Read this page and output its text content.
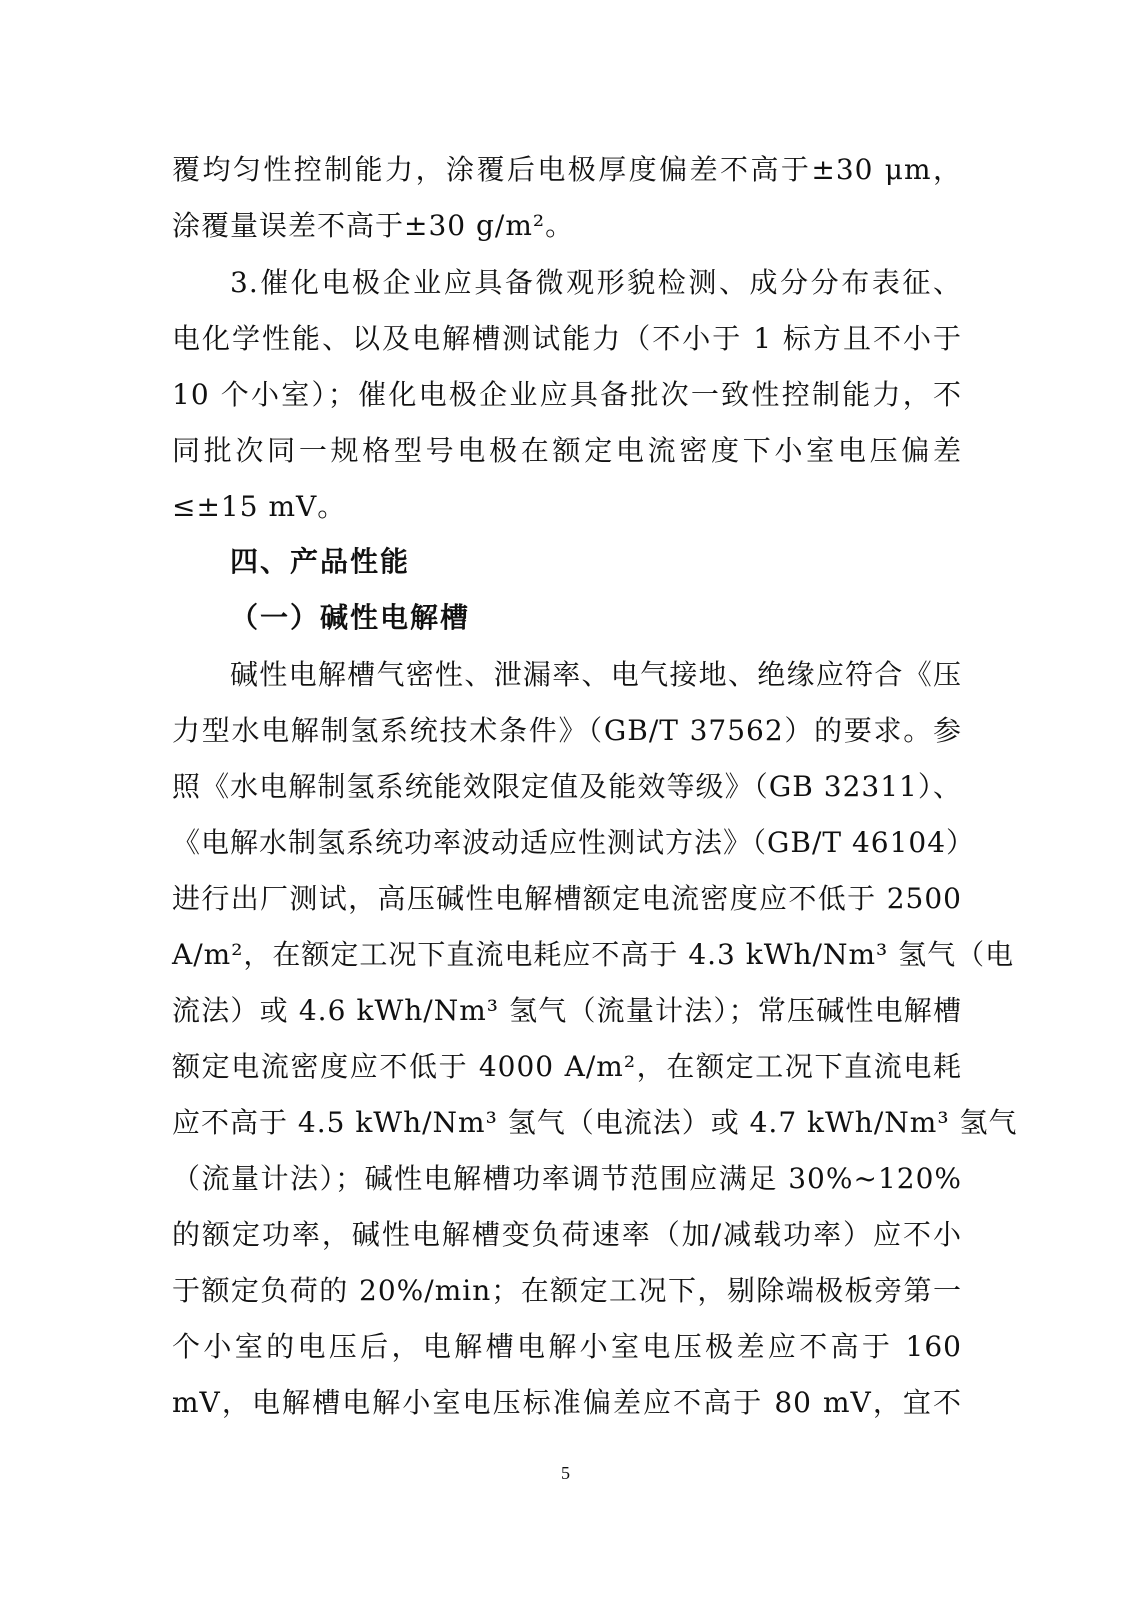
覆均匀性控制能力，涂覆后电极厚度偏差不高于±30 μm，
涂覆量误差不高于±30 g/m²。
3.催化电极企业应具备微观形貌检测、成分分布表征、
电化学性能、以及电解槽测试能力（不小于 1 标方且不小于
10 个小室）；催化电极企业应具备批次一致性控制能力，不
同批次同一规格型号电极在额定电流密度下小室电压偏差
≤±15 mV。
四、产品性能
（一）碱性电解槽
碱性电解槽气密性、泄漏率、电气接地、绝缘应符合《压
力型水电解制氢系统技术条件》（GB/T 37562）的要求。参
照《水电解制氢系统能效限定值及能效等级》（GB 32311）、
《电解水制氢系统功率波动适应性测试方法》（GB/T 46104）
进行出厂测试，高压碱性电解槽额定电流密度应不低于 2500
A/m²，在额定工况下直流电耗应不高于 4.3 kWh/Nm³ 氢气（电
流法）或 4.6 kWh/Nm³ 氢气（流量计法）；常压碱性电解槽
额定电流密度应不低于 4000 A/m²，在额定工况下直流电耗
应不高于 4.5 kWh/Nm³ 氢气（电流法）或 4.7 kWh/Nm³ 氢气
（流量计法）；碱性电解槽功率调节范围应满足 30%~120%
的额定功率，碱性电解槽变负荷速率（加/减载功率）应不小
于额定负荷的 20%/min；在额定工况下，剔除端极板旁第一
个小室的电压后，电解槽电解小室电压极差应不高于 160
mV，电解槽电解小室电压标准偏差应不高于 80 mV，宜不
5
